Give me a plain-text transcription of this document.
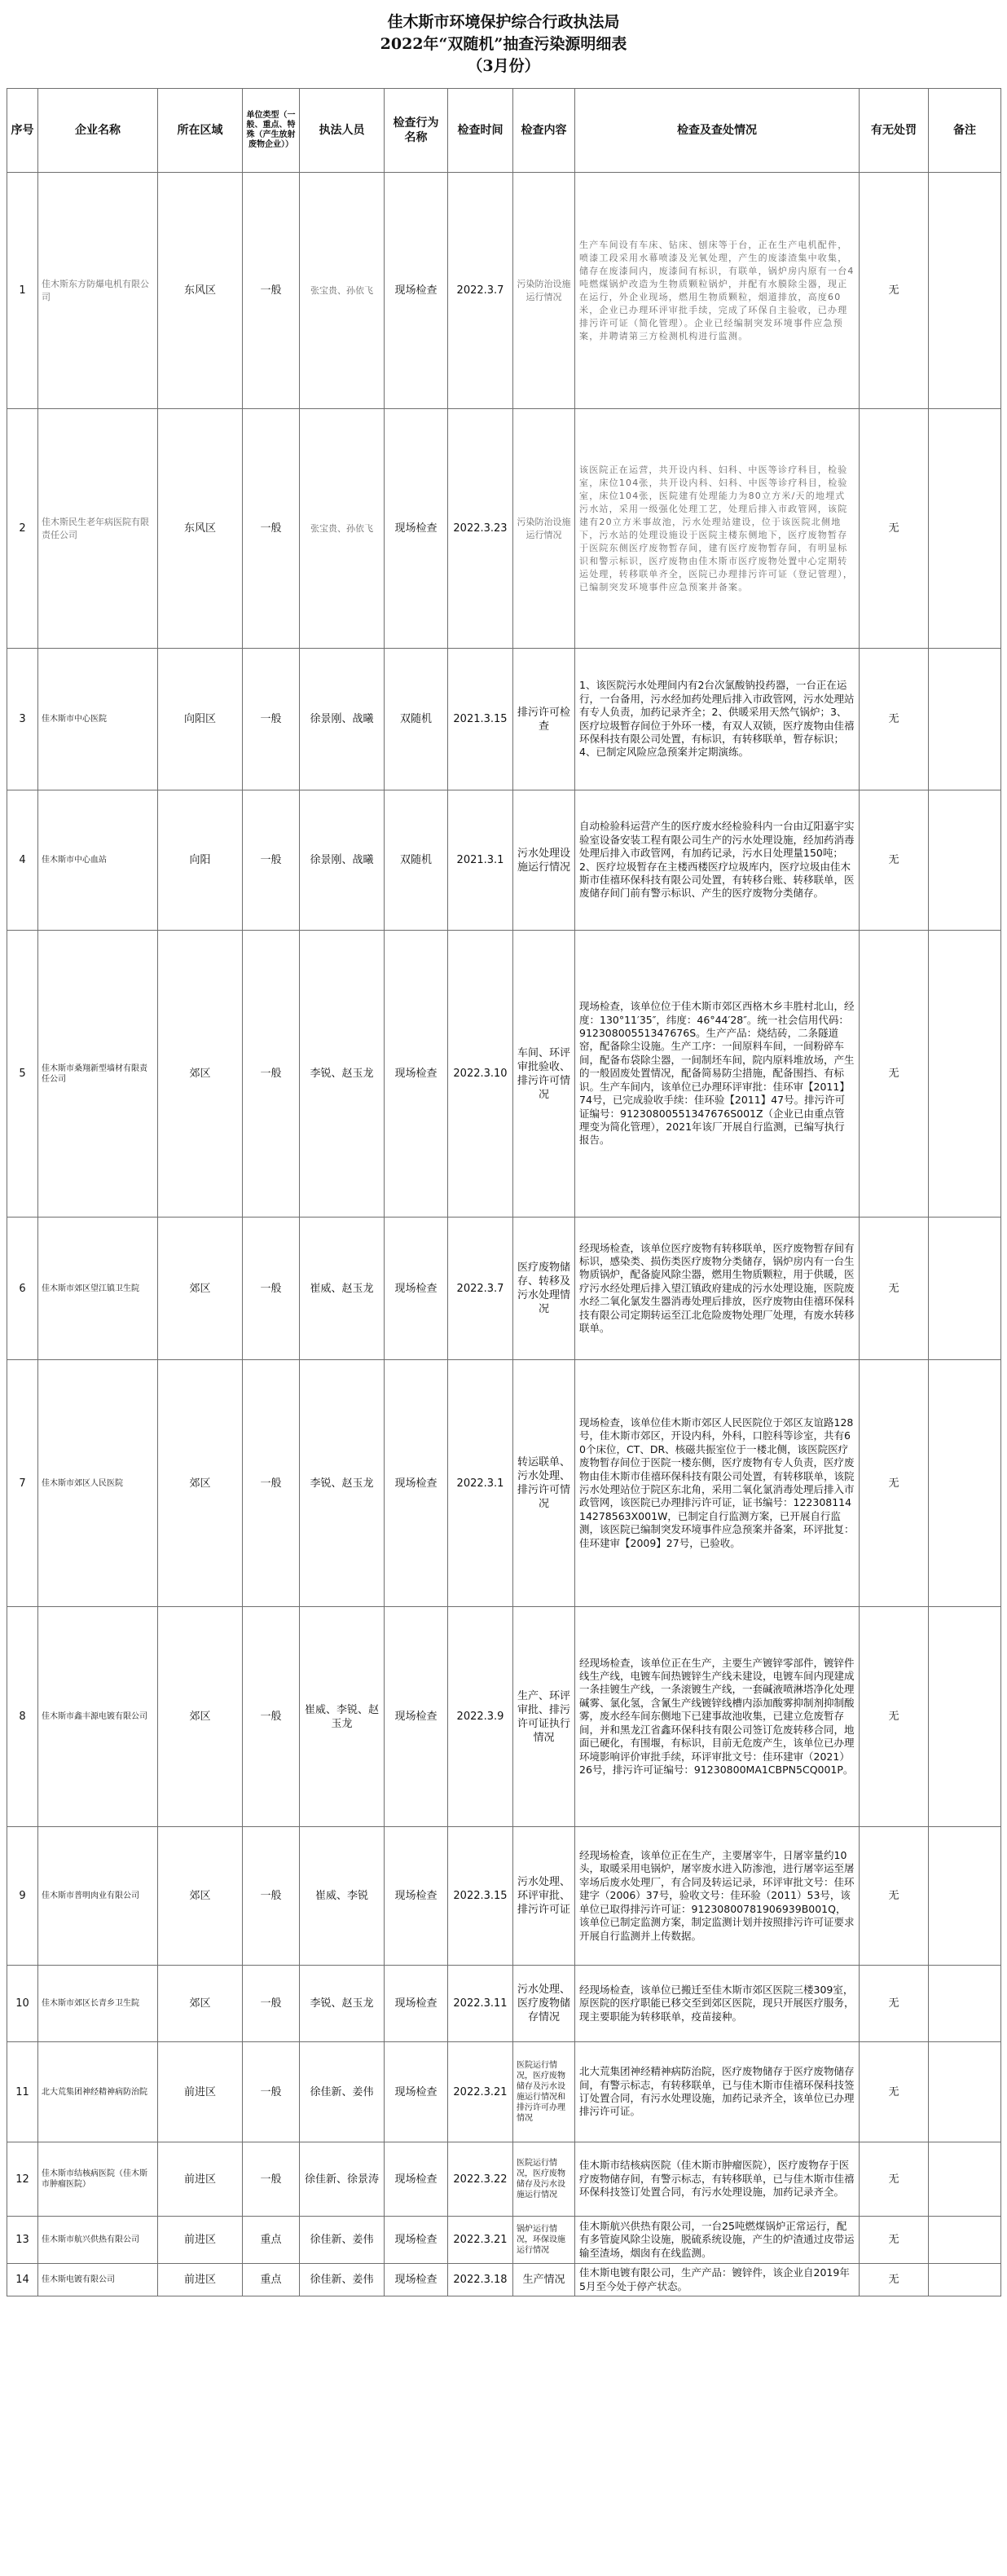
佳木斯市环境保护综合行政执法局
2022年“双随机”抽查污染源明细表
（3月份）
序号	企业名称	所在区域	单位类型（一般、重点、特殊（产生放射废物企业））	执法人员	检查行为名称	检查时间	检查内容	检查及查处情况	有无处罚	备注
1	佳木斯东方防爆电机有限公司	东风区	一般	张宝贵、孙依飞	现场检查	2022.3.7	污染防治设施运行情况	生产车间设有车床、钻床、刨床等于台，正在生产电机配件，喷漆工段采用水幕喷漆及光氧处理，产生的废漆渣集中收集，储存在废漆间内，废漆间有标识，有联单，锅炉房内原有一台4吨燃煤锅炉改造为生物质颗粒锅炉，并配有水膜除尘器，现正在运行，外企业现场，燃用生物质颗粒，烟道排放，高度60米，企业已办理环评审批手续，完成了环保自主验收，已办理排污许可证（简化管理）。企业已经编制突发环境事件应急预案，并聘请第三方检测机构进行监测。	无	
2	佳木斯民生老年病医院有限责任公司	东风区	一般	张宝贵、孙依飞	现场检查	2022.3.23	污染防治设施运行情况	该医院正在运营，共开设内科、妇科、中医等诊疗科目，检验室，床位104张，共开设内科、妇科、中医等诊疗科目，检验室，床位104张，医院建有处理能力为80立方米/天的地埋式污水站，采用一级强化处理工艺，处理后排入市政管网，该院建有20立方米事故池，污水处理站建设，位于该医院北侧地下，污水站的处理设施设于医院主楼东侧地下，医疗废物暂存于医院东侧医疗废物暂存间，建有医疗废物暂存间，有明显标识和警示标识，医疗废物由佳木斯市医疗废物处置中心定期转运处理，转移联单齐全，医院已办理排污许可证（登记管理），已编制突发环境事件应急预案并备案。	无	
3	佳木斯市中心医院	向阳区	一般	徐景刚、战曦	双随机	2021.3.15	排污许可检查	1、该医院污水处理间内有2台次氯酸钠投药器，一台正在运行，一台备用，污水经加药处理后排入市政管网，污水处理站有专人负责，加药记录齐全；2、供暖采用天然气锅炉；3、医疗垃圾暂存间位于外环一楼，有双人双锁，医疗废物由佳禧环保科技有限公司处置，有标识，有转移联单，暂存标识；4、已制定风险应急预案并定期演练。	无	
4	佳木斯市中心血站	向阳	一般	徐景刚、战曦	双随机	2021.3.1	污水处理设施运行情况	自动检验科运营产生的医疗废水经检验科内一台由辽阳嘉宇实验室设备安装工程有限公司生产的污水处理设施，经加药消毒处理后排入市政管网，有加药记录，污水日处理量150吨；2、医疗垃圾暂存在主楼西楼医疗垃圾库内，医疗垃圾由佳木斯市佳禧环保科技有限公司处置，有转移台账、转移联单，医废储存间门前有警示标识、产生的医疗废物分类储存。	无	
5	佳木斯市桑翔新型墙材有限责任公司	郊区	一般	李锐、赵玉龙	现场检查	2022.3.10	车间、环评审批验收、排污许可情况	现场检查，该单位位于佳木斯市郊区西格木乡丰胜村北山，经度：130°11′35″，纬度：46°44′28″。统一社会信用代码：91230800551347676S。生产产品：烧结砖，二条隧道窑，配备除尘设施。生产工序：一间原料车间，一间粉碎车间，配备布袋除尘器，一间制坯车间，院内原料堆放场，产生的一般固废处置情况，配备简易防尘措施，配备围挡、有标识。生产车间内，该单位已办理环评审批：佳环审【2011】74号，已完成验收手续：佳环验【2011】47号。排污许可证编号：91230800551347676S001Z（企业已由重点管理变为简化管理），2021年该厂开展自行监测，已编写执行报告。	无	
6	佳木斯市郊区望江镇卫生院	郊区	一般	崔威、赵玉龙	现场检查	2022.3.7	医疗废物储存、转移及污水处理情况	经现场检查，该单位医疗废物有转移联单，医疗废物暂存间有标识，感染类、损伤类医疗废物分类储存，锅炉房内有一台生物质锅炉，配备旋风除尘器，燃用生物质颗粒，用于供暖，医疗污水经处理后排入望江镇政府建成的污水处理设施，医院废水经二氧化氯发生器消毒处理后排放，医疗废物由佳禧环保科技有限公司定期转运至江北危险废物处理厂处理，有废水转移联单。	无	
7	佳木斯市郊区人民医院	郊区	一般	李锐、赵玉龙	现场检查	2022.3.1	转运联单、污水处理、排污许可情况	现场检查，该单位佳木斯市郊区人民医院位于郊区友谊路128号，佳木斯市郊区，开设内科，外科，口腔科等诊室，共有60个床位，CT、DR、核磁共振室位于一楼北侧，该医院医疗废物暂存间位于医院一楼东侧，医疗废物有专人负责，医疗废物由佳木斯市佳禧环保科技有限公司处置，有转移联单，该院污水处理站位于院区东北角，采用二氧化氯消毒处理后排入市政管网，该医院已办理排污许可证，证书编号：12230811414278563X001W，已制定自行监测方案，已开展自行监测，该医院已编制突发环境事件应急预案并备案，环评批复：佳环建审【2009】27号，已验收。	无	
8	佳木斯市鑫丰源电镀有限公司	郊区	一般	崔威、李锐、赵玉龙	现场检查	2022.3.9	生产、环评审批、排污许可证执行情况	经现场检查，该单位正在生产，主要生产镀锌零部件，镀锌件线生产线，电镀车间热镀锌生产线未建设，电镀车间内现建成一条挂镀生产线，一条滚镀生产线，一套碱液喷淋塔净化处理碱雾、氯化氢，含氰生产线镀锌线槽内添加酸雾抑制剂抑制酸雾，废水经车间东侧地下已建事故池收集，已建立危废暂存间，并和黑龙江省鑫环保科技有限公司签订危废转移合同，地面已硬化，有围堰，有标识，目前无危废产生，该单位已办理环境影响评价审批手续，环评审批文号：佳环建审（2021）26号，排污许可证编号：91230800MA1CBPN5CQ001P。	无	
9	佳木斯市普明肉业有限公司	郊区	一般	崔威、李锐	现场检查	2022.3.15	污水处理、环评审批、排污许可证	经现场检查，该单位正在生产，主要屠宰牛，日屠宰量约10头，取暖采用电锅炉，屠宰废水进入防渗池，进行屠宰运至屠宰场后废水处理厂，有合同及转运记录，环评审批文号：佳环建字（2006）37号，验收文号：佳环验（2011）53号，该单位已取得排污许可证：91230800781906939B001Q，该单位已制定监测方案，制定监测计划并按照排污许可证要求开展自行监测并上传数据。	无	
10	佳木斯市郊区长青乡卫生院	郊区	一般	李锐、赵玉龙	现场检查	2022.3.11	污水处理、医疗废物储存情况	经现场检查，该单位已搬迁至佳木斯市郊区医院三楼309室，原医院的医疗职能已移交至到郊区医院，现只开展医疗服务，现主要职能为转移联单，疫苗接种。	无	
11	北大荒集团神经精神病防治院	前进区	一般	徐佳新、姜伟	现场检查	2022.3.21	医院运行情况，医疗废物储存及污水设施运行情况和排污许可办理情况	北大荒集团神经精神病防治院，医疗废物储存于医疗废物储存间，有警示标志，有转移联单，已与佳木斯市佳禧环保科技签订处置合同，有污水处理设施，加药记录齐全，该单位已办理排污许可证。	无	
12	佳木斯市结核病医院（佳木斯市肿瘤医院）	前进区	一般	徐佳新、徐景涛	现场检查	2022.3.22	医院运行情况，医疗废物储存及污水设施运行情况	佳木斯市结核病医院（佳木斯市肿瘤医院），医疗废物存于医疗废物储存间，有警示标志，有转移联单，已与佳木斯市佳禧环保科技签订处置合同，有污水处理设施，加药记录齐全。	无	
13	佳木斯市航兴供热有限公司	前进区	重点	徐佳新、姜伟	现场检查	2022.3.21	锅炉运行情况，环保设施运行情况	佳木斯航兴供热有限公司，一台25吨燃煤锅炉正常运行，配有多管旋风除尘设施，脱硫系统设施，产生的炉渣通过皮带运输至渣场，烟囱有在线监测。	无	
14	佳木斯电镀有限公司	前进区	重点	徐佳新、姜伟	现场检查	2022.3.18	生产情况	佳木斯电镀有限公司，生产产品：镀锌件，该企业自2019年5月至今处于停产状态。	无	
